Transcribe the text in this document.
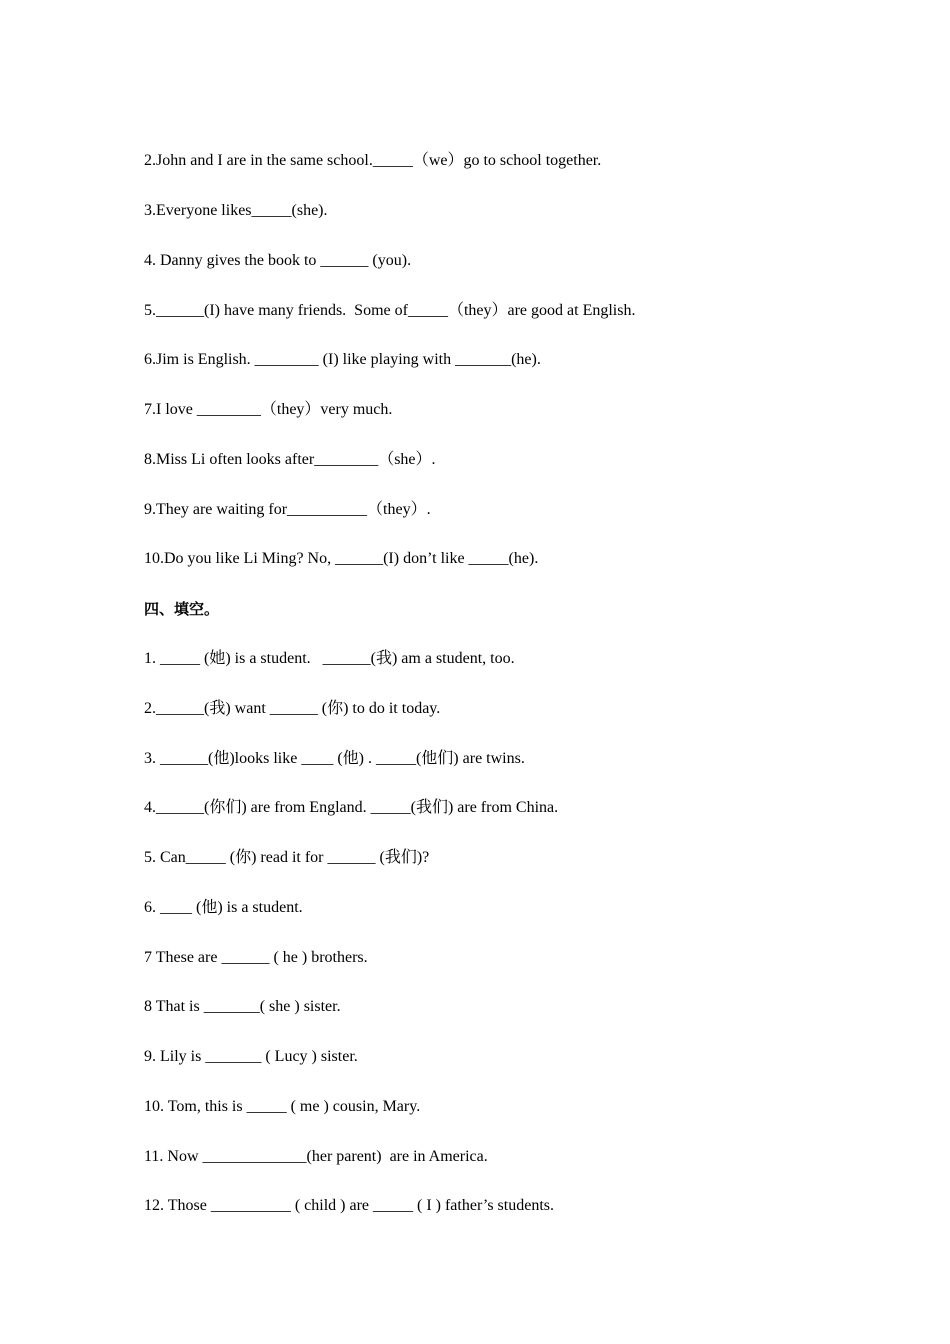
2.John and I are in the same school._____（we）go to school together.
3.Everyone likes_____(she).
4. Danny gives the book to ______ (you).
5.______(I) have many friends.  Some of_____（they）are good at English.
6.Jim is English. ________ (I) like playing with _______(he).
7.I love ________（they）very much.
8.Miss Li often looks after________（she）.
9.They are waiting for__________（they）.
10.Do you like Li Ming? No, ______(I) don’t like _____(he).
四、填空。
1. _____ (她) is a student.   ______(我) am a student, too.
2.______(我) want ______ (你) to do it today.
3. ______(他)looks like ____ (他) . _____(他们) are twins.
4.______(你们) are from England. _____(我们) are from China.
5. Can_____ (你) read it for ______ (我们)?
6. ____ (他) is a student.
7 These are ______ ( he ) brothers.
8 That is _______( she ) sister.
9. Lily is _______ ( Lucy ) sister.
10. Tom, this is _____ ( me ) cousin, Mary.
11. Now _____________(her parent)  are in America.
12. Those __________ ( child ) are _____ ( I ) father’s students.
